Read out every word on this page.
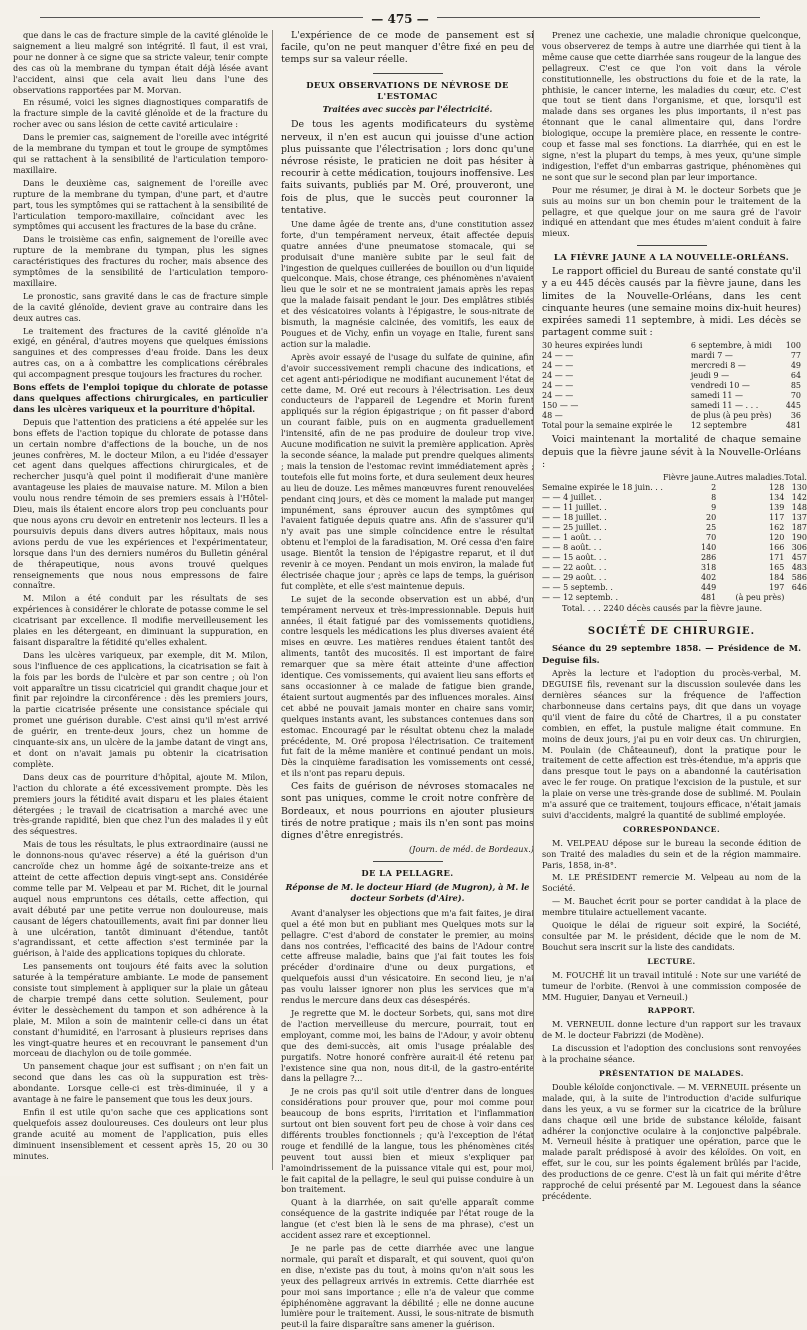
— 475 —

que dans le cas de fracture simple de la cavité glénoïde le saignement a lieu malgré son intégrité. Il faut, il est vrai, pour ne donner à ce signe que sa stricte valeur, tenir compte des cas où la membrane du tympan était déjà lésée avant l'accident, ainsi que cela avait lieu dans l'une des observations rapportées par M. Morvan.

En résumé, voici les signes diagnostiques comparatifs de la fracture simple de la cavité glénoïde et de la fracture du rocher avec ou sans lésion de cette cavité articulaire :

Dans le premier cas, saignement de l'oreille avec intégrité de la membrane du tympan et tout le groupe de symptômes qui se rattachent à la sensibilité de l'articulation temporo-maxillaire.

Dans le deuxième cas, saignement de l'oreille avec rupture de la membrane du tympan, d'une part, et d'autre part, tous les symptômes qui se rattachent à la sensibilité de l'articulation temporo-maxillaire, coïncidant avec les symptômes qui accusent les fractures de la base du crâne.

Dans le troisième cas enfin, saignement de l'oreille avec rupture de la membrane du tympan, plus les signes caractéristiques des fractures du rocher, mais absence des symptômes de la sensibilité de l'articulation temporo-maxillaire.

Le pronostic, sans gravité dans le cas de fracture simple de la cavité glénoïde, devient grave au contraire dans les deux autres cas.

Le traitement des fractures de la cavité glénoïde n'a exigé, en général, d'autres moyens que quelques émissions sanguines et des compresses d'eau froide. Dans les deux autres cas, on a à combattre les complications cérébrales qui accompagnent presque toujours les fractures du rocher.

Bons effets de l'emploi topique du chlorate de potasse dans quelques affections chirurgicales, en particulier dans les ulcères variqueux et la pourriture d'hôpital.

Depuis que l'attention des praticiens a été appelée sur les bons effets de l'action topique du chlorate de potasse dans un certain nombre d'affections de la bouche, un de nos jeunes confrères, M. le docteur Milon, a eu l'idée d'essayer cet agent dans quelques affections chirurgicales, et de rechercher jusqu'à quel point il modifierait d'une manière avantageuse les plaies de mauvaise nature. M. Milon a bien voulu nous rendre témoin de ses premiers essais à l'Hôtel-Dieu, mais ils étaient encore alors trop peu concluants pour que nous ayons cru devoir en entretenir nos lecteurs. Il les a poursuivis depuis dans divers autres hôpitaux, mais nous avions perdu de vue les expériences et l'expérimentateur, lorsque dans l'un des derniers numéros du Bulletin général de thérapeutique, nous avons trouvé quelques renseignements que nous nous empressons de faire connaître.

M. Milon a été conduit par les résultats de ses expériences à considérer le chlorate de potasse comme le sel cicatrisant par excellence. Il modifie merveilleusement les plaies en les détergeant, en diminuant la suppuration, en faisant disparaître la fétidité qu'elles exhalent.

Dans les ulcères variqueux, par exemple, dit M. Milon, sous l'influence de ces applications, la cicatrisation se fait à la fois par les bords de l'ulcère et par son centre ; où l'on voit apparaître un tissu cicatriciel qui grandit chaque jour et finit par rejoindre la circonférence : dès les premiers jours, la partie cicatrisée présente une consistance spéciale qui promet une guérison durable. C'est ainsi qu'il m'est arrivé de guérir, en trente-deux jours, chez un homme de cinquante-six ans, un ulcère de la jambe datant de vingt ans, et dont on n'avait jamais pu obtenir la cicatrisation complète.

Dans deux cas de pourriture d'hôpital, ajoute M. Milon, l'action du chlorate a été excessivement prompte. Dès les premiers jours la fétidité avait disparu et les plaies étaient détergées ; le travail de cicatrisation a marché avec une très-grande rapidité, bien que chez l'un des malades il y eût des séquestres.

Mais de tous les résultats, le plus extraordinaire (aussi ne le donnons-nous qu'avec réserve) a été la guérison d'un cancroïde chez un homme âgé de soixante-treize ans et atteint de cette affection depuis vingt-sept ans. Considérée comme telle par M. Velpeau et par M. Richet, dit le journal auquel nous empruntons ces détails, cette affection, qui avait débuté par une petite verrue non douloureuse, mais causant de légers chatouillements, avait fini par donner lieu à une ulcération, tantôt diminuant d'étendue, tantôt s'agrandissant, et cette affection s'est terminée par la guérison, à l'aide des applications topiques du chlorate.

Les pansements ont toujours été faits avec la solution saturée à la température ambiante. Le mode de pansement consiste tout simplement à appliquer sur la plaie un gâteau de charpie trempé dans cette solution. Seulement, pour éviter le dessèchement du tampon et son adhérence à la plaie, M. Milon a soin de maintenir celle-ci dans un état constant d'humidité, en l'arrosant à plusieurs reprises dans les vingt-quatre heures et en recouvrant le pansement d'un morceau de diachylon ou de toile gommée.

Un pansement chaque jour est suffisant ; on n'en fait un second que dans les cas où la suppuration est très-abondante. Lorsque celle-ci est très-diminuée, il y a avantage à ne faire le pansement que tous les deux jours.

Enfin il est utile qu'on sache que ces applications sont quelquefois assez douloureuses. Ces douleurs ont leur plus grande acuité au moment de l'application, puis elles diminuent insensiblement et cessent après 15, 20 ou 30 minutes.

L'expérience de ce mode de pansement est si facile, qu'on ne peut manquer d'être fixé en peu de temps sur sa valeur réelle.

DEUX OBSERVATIONS DE NÉVROSE DE L'ESTOMAC
Traitées avec succès par l'électricité.

De tous les agents modificateurs du système nerveux, il n'en est aucun qui jouisse d'une action plus puissante que l'électrisation ; lors donc qu'une névrose résiste, le praticien ne doit pas hésiter à recourir à cette médication, toujours inoffensive. Les faits suivants, publiés par M. Oré, prouveront, une fois de plus, que le succès peut couronner la tentative.

Une dame âgée de trente ans, d'une constitution assez forte, d'un tempérament nerveux, était affectée depuis quatre années d'une pneumatose stomacale, qui se produisait d'une manière subite par le seul fait de l'ingestion de quelques cuillerées de bouillon ou d'un liquide quelconque. Mais, chose étrange, ces phénomènes n'avaient lieu que le soir et ne se montraient jamais après les repas que la malade faisait pendant le jour. Des emplâtres stibiés et des vésicatoires volants à l'épigastre, le sous-nitrate de bismuth, la magnésie calcinée, des vomitifs, les eaux de Pougues et de Vichy, enfin un voyage en Italie, furent sans action sur la maladie.

Après avoir essayé de l'usage du sulfate de quinine, afin d'avoir successivement rempli chacune des indications, et cet agent anti-périodique ne modifiant aucunement l'état de cette dame, M. Oré eut recours à l'électrisation. Les deux conducteurs de l'appareil de Legendre et Morin furent appliqués sur la région épigastrique ; on fit passer d'abord un courant faible, puis on en augmenta graduellement l'intensité, afin de ne pas produire de douleur trop vive. Aucune modification ne suivit la première application. Après la seconde séance, la malade put prendre quelques aliments ; mais la tension de l'estomac revint immédiatement après ; toutefois elle fut moins forte, et dura seulement deux heures au lieu de douze. Les mêmes manœuvres furent renouvelées pendant cinq jours, et dès ce moment la malade put manger impunément, sans éprouver aucun des symptômes qui l'avaient fatiguée depuis quatre ans. Afin de s'assurer qu'il n'y avait pas une simple coïncidence entre le résultat obtenu et l'emploi de la faradisation, M. Oré cessa d'en faire usage. Bientôt la tension de l'épigastre reparut, et il dut revenir à ce moyen. Pendant un mois environ, la malade fut électrisée chaque jour ; après ce laps de temps, la guérison fut complète, et elle s'est maintenue depuis.

Le sujet de la seconde observation est un abbé, d'un tempérament nerveux et très-impressionnable. Depuis huit années, il était fatigué par des vomissements quotidiens, contre lesquels les médications les plus diverses avaient été mises en œuvre. Les matières rendues étaient tantôt des aliments, tantôt des mucosités. Il est important de faire remarquer que sa mère était atteinte d'une affection identique. Ces vomissements, qui avaient lieu sans efforts et sans occasionner à ce malade de fatigue bien grande, étaient surtout augmentés par des influences morales. Ainsi cet abbé ne pouvait jamais monter en chaire sans vomir, quelques instants avant, les substances contenues dans son estomac. Encouragé par le résultat obtenu chez la malade précédente, M. Oré proposa l'électrisation. Ce traitement fut fait de la même manière et continué pendant un mois. Dès la cinquième faradisation les vomissements ont cessé, et ils n'ont pas reparu depuis.

Ces faits de guérison de névroses stomacales ne sont pas uniques, comme le croit notre confrère de Bordeaux, et nous pourrions en ajouter plusieurs tirés de notre pratique ; mais ils n'en sont pas moins dignes d'être enregistrés.

(Journ. de méd. de Bordeaux.)
DE LA PELLAGRE.
Réponse de M. le docteur Hiard (de Mugron), à M. le docteur Sorbets (d'Aire).

Avant d'analyser les objections que m'a fait faites, je dirai quel a été mon but en publiant mes Quelques mots sur la pellagre. C'est d'abord de constater le premier, au moins dans nos contrées, l'efficacité des bains de l'Adour contre cette affreuse maladie, bains que j'ai fait toutes les fois précéder d'ordinaire d'une ou deux purgations, et quelquefois aussi d'un vésicatoire. En second lieu, je n'ai pas voulu laisser ignorer non plus les services que m'a rendus le mercure dans deux cas désespérés.

Je regrette que M. le docteur Sorbets, qui, sans mot dire de l'action merveilleuse du mercure, pourrait, tout en employant, comme moi, les bains de l'Adour, y avoir obtenu que des demi-succès, ait omis l'usage préalable des purgatifs. Notre honoré confrère aurait-il été retenu par l'existence sine qua non, nous dit-il, de la gastro-entérite dans la pellagre ?...

Je ne crois pas qu'il soit utile d'entrer dans de longues considérations pour prouver que, pour moi comme pour beaucoup de bons esprits, l'irritation et l'inflammation surtout ont bien souvent fort peu de chose à voir dans ces différents troubles fonctionnels ; qu'à l'exception de l'état rouge et fendillé de la langue, tous les phénomènes cités peuvent tout aussi bien et mieux s'expliquer par l'amoindrissement de la puissance vitale qui est, pour moi, le fait capital de la pellagre, le seul qui puisse conduire à un bon traitement.

Quant à la diarrhée, on sait qu'elle apparaît comme conséquence de la gastrite indiquée par l'état rouge de la langue (et c'est bien là le sens de ma phrase), c'est un accident assez rare et exceptionnel.

Je ne parle pas de cette diarrhée avec une langue normale, qui paraît et disparaît, et qui souvent, quoi qu'on en dise, n'existe pas du tout, à moins qu'on n'ait sous les yeux des pellagreux arrivés in extremis. Cette diarrhée est pour moi sans importance ; elle n'a de valeur que comme épiphénomène aggravant la débilité ; elle ne donne aucune lumière pour le traitement. Aussi, le sous-nitrate de bismuth peut-il la faire disparaître sans amener la guérison.

Prenez une cachexie, une maladie chronique quelconque, vous observerez de temps à autre une diarrhée qui tient à la même cause que cette diarrhée sans rougeur de la langue des pellagreux. C'est ce que l'on voit dans la vérole constitutionnelle, les obstructions du foie et de la rate, la phthisie, le cancer interne, les maladies du cœur, etc. C'est que tout se tient dans l'organisme, et que, lorsqu'il est malade dans ses organes les plus importants, il n'est pas étonnant que le canal alimentaire qui, dans l'ordre biologique, occupe la première place, en ressente le contre-coup et fasse mal ses fonctions. La diarrhée, qui en est le signe, n'est la plupart du temps, à mes yeux, qu'une simple indigestion, l'effet d'un embarras gastrique, phénomènes qui ne sont que sur le second plan par leur importance.

Pour me résumer, je dirai à M. le docteur Sorbets que je suis au moins sur un bon chemin pour le traitement de la pellagre, et que quelque jour on me saura gré de l'avoir indiqué en attendant que mes études m'aient conduit à faire mieux.

LA FIÈVRE JAUNE A LA NOUVELLE-ORLÉANS.

Le rapport officiel du Bureau de santé constate qu'il y a eu 445 décès causés par la fièvre jaune, dans les limites de la Nouvelle-Orléans, dans les cent cinquante heures (une semaine moins dix-huit heures) expirées samedi 11 septembre, à midi. Les décès se partagent comme suit :

30 heures expirées lundi	6 septembre, à midi	100
24 — —	mardi 7 —	77
24 — —	mercredi 8 —	49
24 — —	jeudi 9 —	64
24 — —	vendredi 10 —	85
24 — —	samedi 11 —	70
150 — —	samedi 11 — . . .	445
48 —	de plus (à peu près)	36
Total pour la semaine expirée le	12 septembre	481

Voici maintenant la mortalité de chaque semaine depuis que la fièvre jaune sévit à la Nouvelle-Orléans :

	Fièvre jaune.	Autres maladies.	Total.
Semaine expirée le 18 juin. . .	2	128	130
— — 4 juillet. .	8	134	142
— — 11 juillet. .	9	139	148
— — 18 juillet. .	20	117	137
— — 25 juillet. .	25	162	187
— — 1 août. . .	70	120	190
— — 8 août. . .	140	166	306
— — 15 août. . .	286	171	457
— — 22 août. . .	318	165	483
— — 29 août. . .	402	184	586
— — 5 septemb. .	449	197	646
— — 12 septemb. .	481	(à peu près)	

Total. . . . 2240 décès causés par la fièvre jaune.

SOCIÉTÉ DE CHIRURGIE.

Séance du 29 septembre 1858. — Présidence de M. Deguise fils.

Après la lecture et l'adoption du procès-verbal, M. DEGUISE fils, revenant sur la discussion soulevée dans les dernières séances sur la fréquence de l'affection charbonneuse dans certains pays, dit que dans un voyage qu'il vient de faire du côté de Chartres, il a pu constater combien, en effet, la pustule maligne était commune. En moins de deux jours, j'ai pu en voir deux cas. Un chirurgien, M. Poulain (de Châteauneuf), dont la pratique pour le traitement de cette affection est très-étendue, m'a appris que dans presque tout le pays on a abandonné la cautérisation avec le fer rouge. On pratique l'excision de la pustule, et sur la plaie on verse une très-grande dose de sublimé. M. Poulain m'a assuré que ce traitement, toujours efficace, n'était jamais suivi d'accidents, malgré la quantité de sublimé employée.

CORRESPONDANCE.

M. VELPEAU dépose sur le bureau la seconde édition de son Traité des maladies du sein et de la région mammaire. Paris, 1858, in-8°.

M. LE PRÉSIDENT remercie M. Velpeau au nom de la Société.

— M. Bauchet écrit pour se porter candidat à la place de membre titulaire actuellement vacante.

Quoique le délai de rigueur soit expiré, la Société, consultée par M. le président, décide que le nom de M. Bouchut sera inscrit sur la liste des candidats.

LECTURE.

M. FOUCHÉ lit un travail intitulé : Note sur une variété de tumeur de l'orbite. (Renvoi à une commission composée de MM. Huguier, Danyau et Verneuil.)

RAPPORT.

M. VERNEUIL donne lecture d'un rapport sur les travaux de M. le docteur Fabrizzi (de Modène).

La discussion et l'adoption des conclusions sont renvoyées à la prochaine séance.

PRÉSENTATION DE MALADES.

Double kéloïde conjonctivale. — M. VERNEUIL présente un malade, qui, à la suite de l'introduction d'acide sulfurique dans les yeux, a vu se former sur la cicatrice de la brûlure dans chaque œil une bride de substance kéloïde, faisant adhérer la conjonctive oculaire à la conjonctive palpébrale. M. Verneuil hésite à pratiquer une opération, parce que le malade paraît prédisposé à avoir des kéloïdes. On voit, en effet, sur le cou, sur les points également brûlés par l'acide, des productions de ce genre. C'est là un fait qui mérite d'être rapproché de celui présenté par M. Legouest dans la séance précédente.
